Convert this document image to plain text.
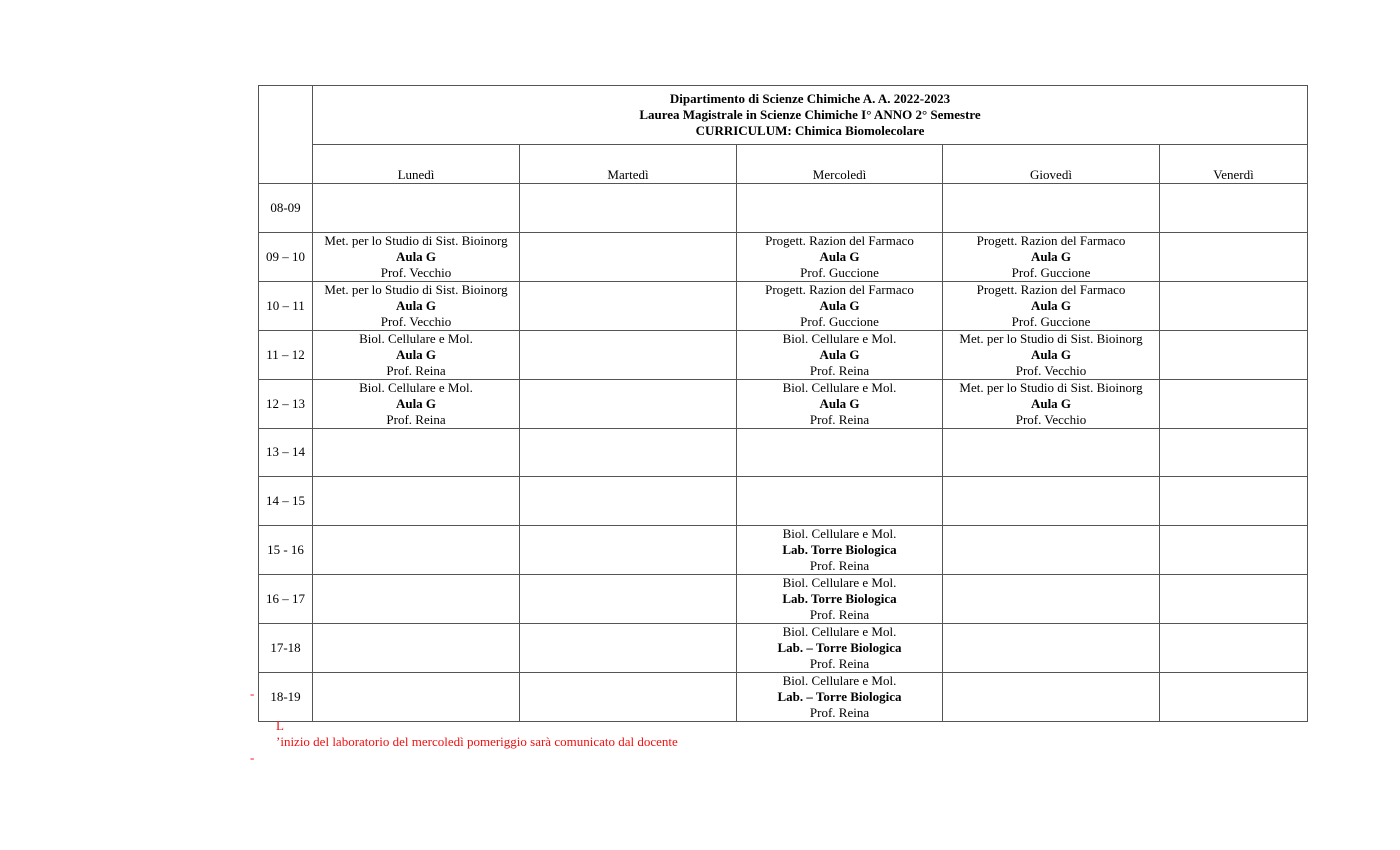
	Dipartimento di Scienze Chimiche A. A. 2022-2023
Laurea Magistrale in Scienze Chimiche I° ANNO 2° Semestre
CURRICULUM: Chimica Biomolecolare				

	Lunedì	Martedì	Mercoledì	Giovedì	Venerdì

08-09					
09 – 10	Met. per lo Studio di Sist. Bioinorg
Aula G
Prof. Vecchio		Progett. Razion del Farmaco
Aula G
Prof. Guccione	Progett. Razion del Farmaco
Aula G
Prof. Guccione	

10 – 11	Met. per lo Studio di Sist. Bioinorg
Aula G
Prof. Vecchio		Progett. Razion del Farmaco
Aula G
Prof. Guccione	Progett. Razion del Farmaco
Aula G
Prof. Guccione	

11 – 12	Biol. Cellulare e Mol.
Aula G
Prof. Reina		Biol. Cellulare e Mol.
Aula G
Prof. Reina	Met. per lo Studio di Sist. Bioinorg
Aula G
Prof. Vecchio	

12 – 13	Biol. Cellulare e Mol.
Aula G
Prof. Reina		Biol. Cellulare e Mol.
Aula G
Prof. Reina	Met. per lo Studio di Sist. Bioinorg
Aula G
Prof. Vecchio	

13 – 14					
14 – 15					
15 - 16			Biol. Cellulare e Mol.
Lab. Torre Biologica
Prof. Reina		

16 – 17			Biol. Cellulare e Mol.
Lab. Torre Biologica
Prof. Reina		

17-18			Biol. Cellulare e Mol.
Lab. – Torre Biologica
Prof. Reina		

18-19			Biol. Cellulare e Mol.
Lab. – Torre Biologica
Prof. Reina		

-
L
’inizio del laboratorio del mercoledì pomeriggio sarà comunicato dal docente
-
